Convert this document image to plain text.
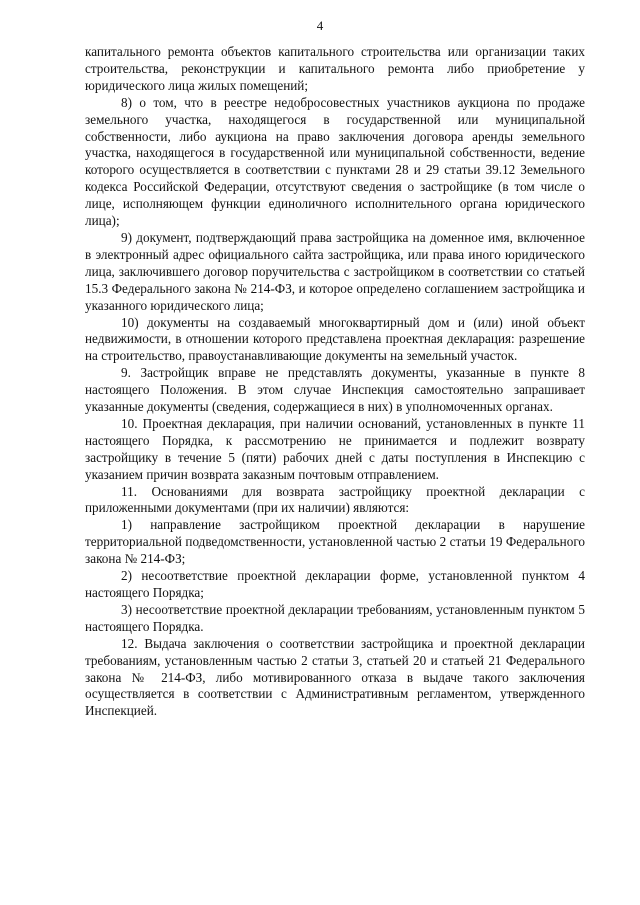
4

капитального ремонта объектов капитального строительства или организации таких строительства, реконструкции и капитального ремонта либо приобретение у юридического лица жилых помещений;

8) о том, что в реестре недобросовестных участников аукциона по продаже земельного участка, находящегося в государственной или муниципальной собственности, либо аукциона на право заключения договора аренды земельного участка, находящегося в государственной или муниципальной собственности, ведение которого осуществляется в соответствии с пунктами 28 и 29 статьи 39.12 Земельного кодекса Российской Федерации, отсутствуют сведения о застройщике (в том числе о лице, исполняющем функции единоличного исполнительного органа юридического лица);

9) документ, подтверждающий права застройщика на доменное имя, включенное в электронный адрес официального сайта застройщика, или права иного юридического лица, заключившего договор поручительства с застройщиком в соответствии со статьей 15.3 Федерального закона № 214-ФЗ, и которое определено соглашением застройщика и указанного юридического лица;

10) документы на создаваемый многоквартирный дом и (или) иной объект недвижимости, в отношении которого представлена проектная декларация: разрешение на строительство, правоустанавливающие документы на земельный участок.

9. Застройщик вправе не представлять документы, указанные в пункте 8 настоящего Положения. В этом случае Инспекция самостоятельно запрашивает указанные документы (сведения, содержащиеся в них) в уполномоченных органах.

10. Проектная декларация, при наличии оснований, установленных в пункте 11 настоящего Порядка, к рассмотрению не принимается и подлежит возврату застройщику в течение 5 (пяти) рабочих дней с даты поступления в Инспекцию с указанием причин возврата заказным почтовым отправлением.

11. Основаниями для возврата застройщику проектной декларации с приложенными документами (при их наличии) являются:

1) направление застройщиком проектной декларации в нарушение территориальной подведомственности, установленной частью 2 статьи 19 Федерального закона № 214-ФЗ;

2) несоответствие проектной декларации форме, установленной пунктом 4 настоящего Порядка;

3) несоответствие проектной декларации требованиям, установленным пунктом 5 настоящего Порядка.

12. Выдача заключения о соответствии застройщика и проектной декларации требованиям, установленным частью 2 статьи 3, статьей 20 и статьей 21 Федерального закона № 214-ФЗ, либо мотивированного отказа в выдаче такого заключения осуществляется в соответствии с Административным регламентом, утвержденного Инспекцией.
